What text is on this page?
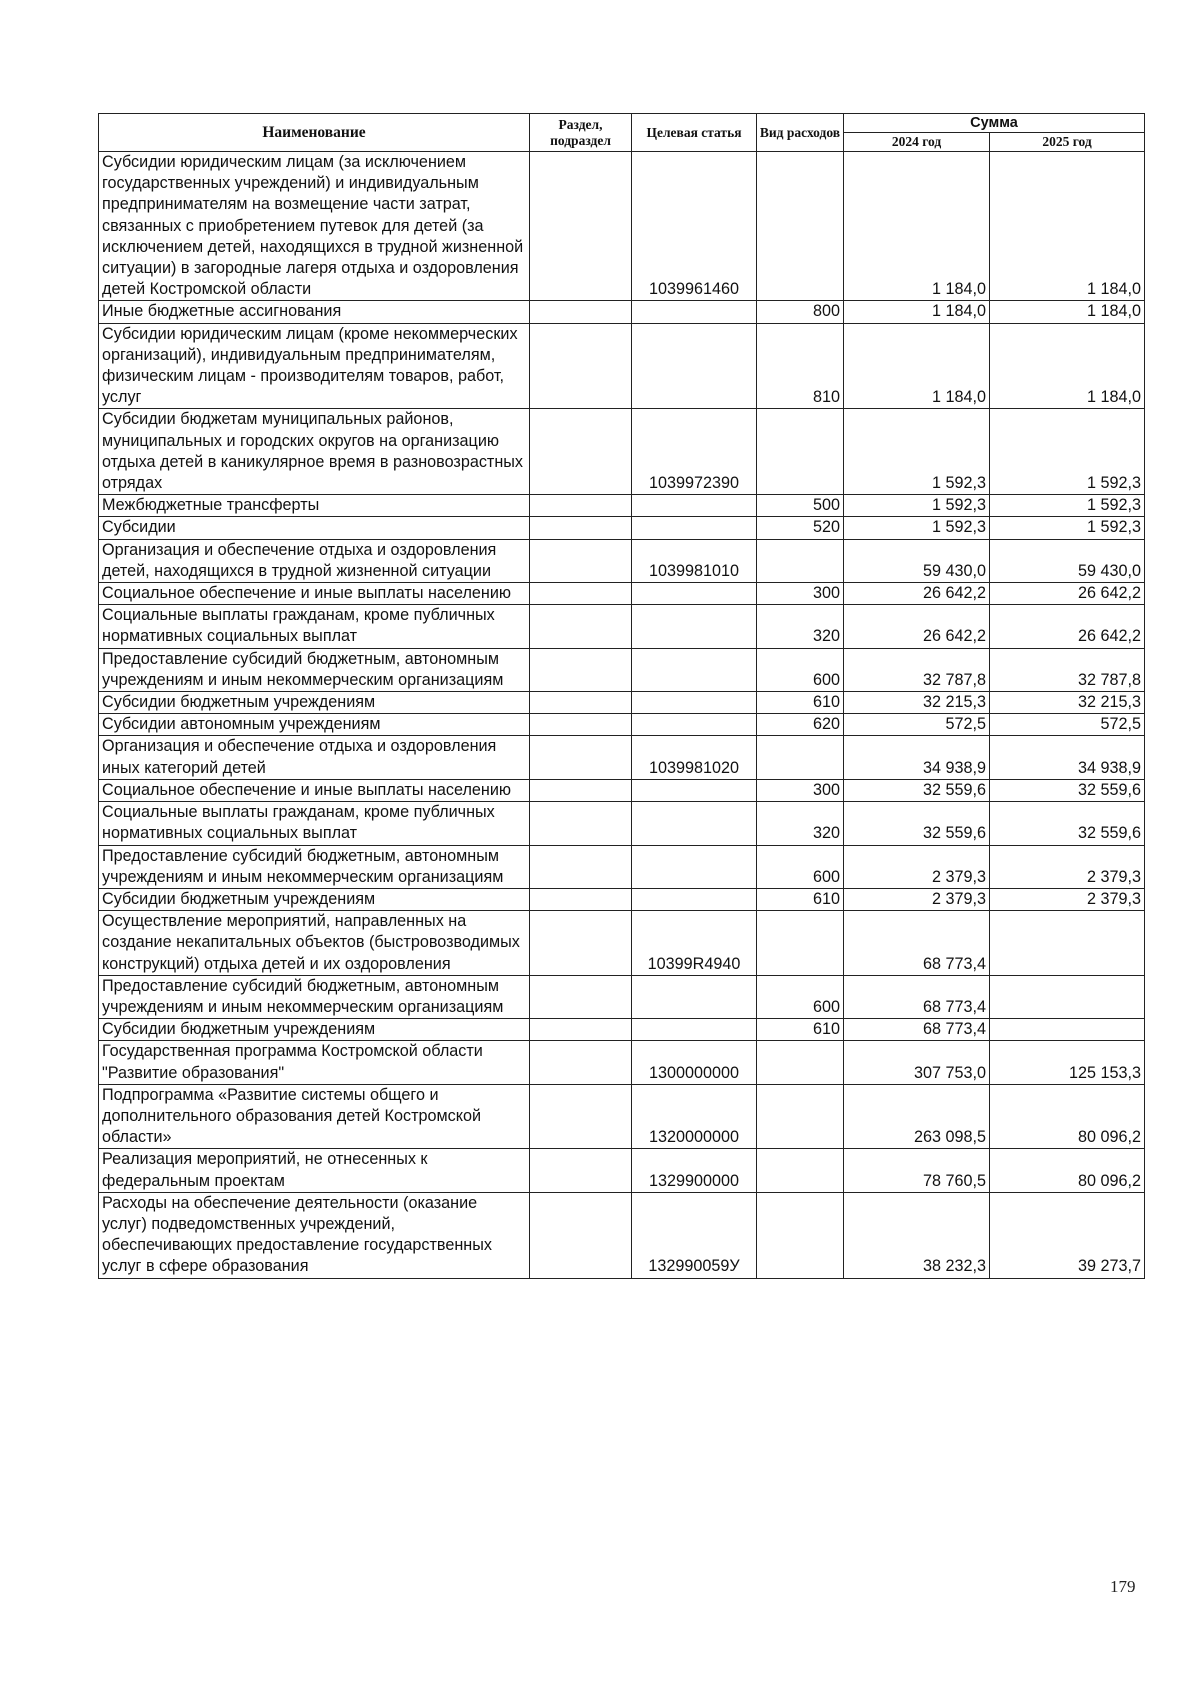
Наименование	Раздел, подраздел	Целевая статья	Вид расходов	Сумма	
				2024 год	2025 год
Субсидии юридическим лицам (за исключением государственных учреждений) и индивидуальным предпринимателям на возмещение части затрат, связанных с приобретением путевок для детей (за исключением детей, находящихся в трудной жизненной ситуации) в загородные лагеря отдыха и оздоровления детей Костромской области		1039961460		1 184,0	1 184,0
Иные бюджетные ассигнования			800	1 184,0	1 184,0
Субсидии юридическим лицам (кроме некоммерческих организаций), индивидуальным предпринимателям, физическим лицам - производителям товаров, работ, услуг			810	1 184,0	1 184,0
Субсидии бюджетам муниципальных районов, муниципальных и городских округов на организацию отдыха детей в каникулярное время в разновозрастных отрядах		1039972390		1 592,3	1 592,3
Межбюджетные трансферты			500	1 592,3	1 592,3
Субсидии			520	1 592,3	1 592,3
Организация и обеспечение отдыха и оздоровления детей, находящихся в трудной жизненной ситуации		1039981010		59 430,0	59 430,0
Социальное обеспечение и иные выплаты населению			300	26 642,2	26 642,2
Социальные выплаты гражданам, кроме публичных нормативных социальных выплат			320	26 642,2	26 642,2
Предоставление субсидий бюджетным, автономным учреждениям и иным некоммерческим организациям			600	32 787,8	32 787,8
Субсидии бюджетным учреждениям			610	32 215,3	32 215,3
Субсидии автономным учреждениям			620	572,5	572,5
Организация и обеспечение отдыха и оздоровления иных категорий детей		1039981020		34 938,9	34 938,9
Социальное обеспечение и иные выплаты населению			300	32 559,6	32 559,6
Социальные выплаты гражданам, кроме публичных нормативных социальных выплат			320	32 559,6	32 559,6
Предоставление субсидий бюджетным, автономным учреждениям и иным некоммерческим организациям			600	2 379,3	2 379,3
Субсидии бюджетным учреждениям			610	2 379,3	2 379,3
Осуществление мероприятий, направленных на создание некапитальных объектов (быстровозводимых конструкций) отдыха детей и их оздоровления		10399R4940		68 773,4	
Предоставление субсидий бюджетным, автономным учреждениям и иным некоммерческим организациям			600	68 773,4	
Субсидии бюджетным учреждениям			610	68 773,4	
Государственная программа Костромской области "Развитие образования"		1300000000		307 753,0	125 153,3
Подпрограмма «Развитие системы общего и дополнительного образования детей Костромской области»		1320000000		263 098,5	80 096,2
Реализация мероприятий, не отнесенных к федеральным проектам		1329900000		78 760,5	80 096,2
Расходы на обеспечение деятельности (оказание услуг) подведомственных учреждений, обеспечивающих предоставление государственных услуг в сфере образования		132990059У		38 232,3	39 273,7
179
